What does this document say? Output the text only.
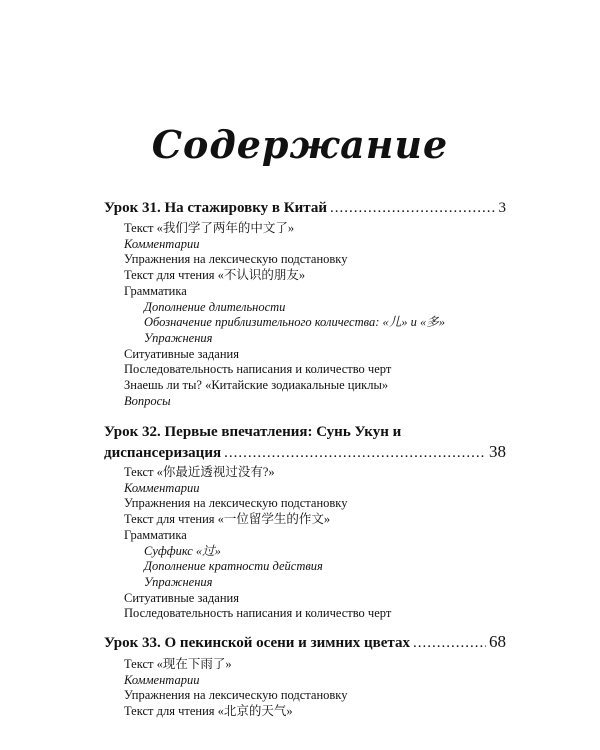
Содержание
Урок 31. На стажировку в Китай .....	3
Текст «我们学了两年的中文了»
Комментарии
Упражнения на лексическую подстановку
Текст для чтения «不认识的朋友»
Грамматика
Дополнение длительности
Обозначение приблизительного количества: «儿» и «多»
Упражнения
Ситуативные задания
Последовательность написания и количество черт
Знаешь ли ты? «Китайские зодиакальные циклы»
Вопросы
Урок 32. Первые впечатления: Сунь Укун и
диспансеризация .....	38
Текст «你最近透视过没有?»
Комментарии
Упражнения на лексическую подстановку
Текст для чтения «一位留学生的作文»
Грамматика
Суффикс «过»
Дополнение кратности действия
Упражнения
Ситуативные задания
Последовательность написания и количество черт
Урок 33. О пекинской осени и зимних цветах .....	68
Текст «现在下雨了»
Комментарии
Упражнения на лексическую подстановку
Текст для чтения «北京的天气»
